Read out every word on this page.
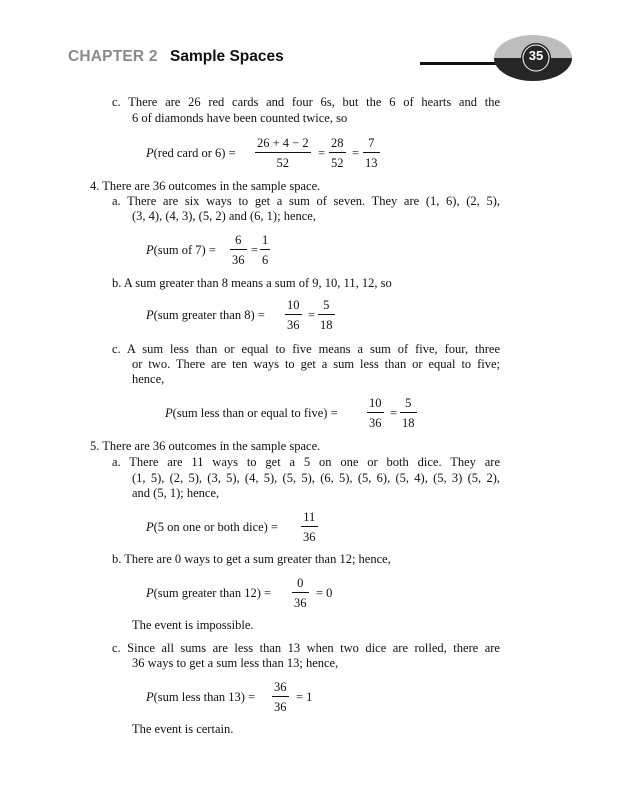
CHAPTER 2 Sample Spaces	35
c. There are 26 red cards and four 6s, but the 6 of hearts and the
6 of diamonds have been counted twice, so
P(red card or 6) =
26 + 4 − 2
52
=
28
52
=
7
13
4. There are 36 outcomes in the sample space.
a. There are six ways to get a sum of seven. They are (1, 6), (2, 5),
(3, 4), (4, 3), (5, 2) and (6, 1); hence,
P(sum of 7) =
6
36
=
1
6
b. A sum greater than 8 means a sum of 9, 10, 11, 12, so
P(sum greater than 8) =
10
36
=
5
18
c. A sum less than or equal to five means a sum of five, four, three
or two. There are ten ways to get a sum less than or equal to five;
hence,
P(sum less than or equal to five) =
10
36
=
5
18
5. There are 36 outcomes in the sample space.
a. There are 11 ways to get a 5 on one or both dice. They are
(1, 5), (2, 5), (3, 5), (4, 5), (5, 5), (6, 5), (5, 6), (5, 4), (5, 3) (5, 2),
and (5, 1); hence,
P(5 on one or both dice) =
11
36
b. There are 0 ways to get a sum greater than 12; hence,
P(sum greater than 12) =
0
36
= 0
The event is impossible.
c. Since all sums are less than 13 when two dice are rolled, there are
36 ways to get a sum less than 13; hence,
P(sum less than 13) =
36
36
= 1
The event is certain.
